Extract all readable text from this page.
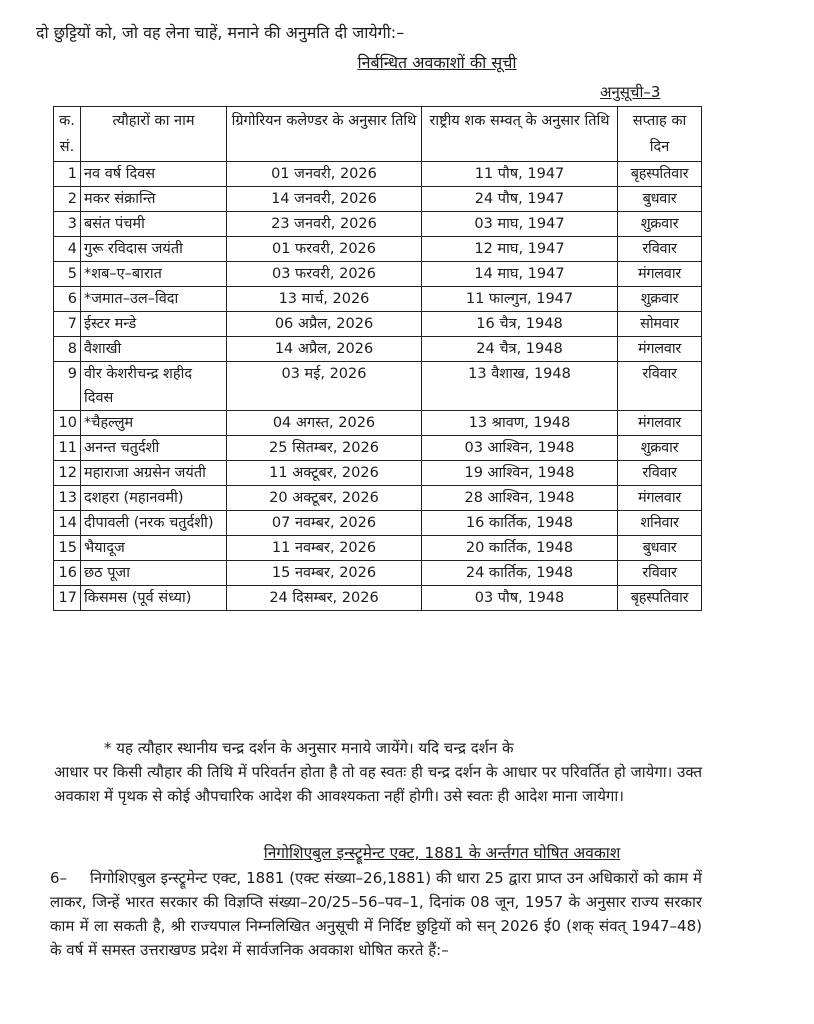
दो छुट्टियों को, जो वह लेना चाहें, मनाने की अनुमति दी जायेगी:–
निर्बन्धित अवकाशों की सूची
अनुसूची–3
क. सं.	त्यौहारों का नाम	ग्रिगोरियन कलेण्डर के अनुसार तिथि	राष्ट्रीय शक सम्वत् के अनुसार तिथि	सप्ताह का दिन
1	नव वर्ष दिवस	01 जनवरी, 2026	11 पौष, 1947	बृहस्पतिवार
2	मकर संक्रान्ति	14 जनवरी, 2026	24 पौष, 1947	बुधवार
3	बसंत पंचमी	23 जनवरी, 2026	03 माघ, 1947	शुक्रवार
4	गुरू रविदास जयंती	01 फरवरी, 2026	12 माघ, 1947	रविवार
5	*शब–ए–बारात	03 फरवरी, 2026	14 माघ, 1947	मंगलवार
6	*जमात–उल–विदा	13 मार्च, 2026	11 फाल्गुन, 1947	शुक्रवार
7	ईस्टर मन्डे	06 अप्रैल, 2026	16 चैत्र, 1948	सोमवार
8	वैशाखी	14 अप्रैल, 2026	24 चैत्र, 1948	मंगलवार
9	वीर केशरीचन्द्र शहीद दिवस	03 मई, 2026	13 वैशाख, 1948	रविवार
10	*चैहल्लुम	04 अगस्त, 2026	13 श्रावण, 1948	मंगलवार
11	अनन्त चतुर्दशी	25 सितम्बर, 2026	03 आश्विन, 1948	शुक्रवार
12	महाराजा अग्रसेन जयंती	11 अक्टूबर, 2026	19 आश्विन, 1948	रविवार
13	दशहरा (महानवमी)	20 अक्टूबर, 2026	28 आश्विन, 1948	मंगलवार
14	दीपावली (नरक चतुर्दशी)	07 नवम्बर, 2026	16 कार्तिक, 1948	शनिवार
15	भैयादूज	11 नवम्बर, 2026	20 कार्तिक, 1948	बुधवार
16	छठ पूजा	15 नवम्बर, 2026	24 कार्तिक, 1948	रविवार
17	किसमस (पूर्व संध्या)	24 दिसम्बर, 2026	03 पौष, 1948	बृहस्पतिवार
* यह त्यौहार स्थानीय चन्द्र दर्शन के अनुसार मनाये जायेंगे। यदि चन्द्र दर्शन के
आधार पर किसी त्यौहार की तिथि में परिवर्तन होता है तो वह स्वतः ही चन्द्र दर्शन के आधार पर परिवर्तित हो जायेगा। उक्त अवकाश में पृथक से कोई औपचारिक आदेश की आवश्यकता नहीं होगी। उसे स्वतः ही आदेश माना जायेगा।
निगोशिएबुल इन्स्ट्रूमेन्ट एक्ट, 1881 के अर्न्तगत घोषित अवकाश
6– निगोशिएबुल इन्स्ट्रूमेन्ट एक्ट, 1881 (एक्ट संख्या–26,1881) की धारा 25 द्वारा प्राप्त उन अधिकारों को काम में लाकर, जिन्हें भारत सरकार की विज्ञप्ति संख्या–20/25–56–पव–1, दिनांक 08 जून, 1957 के अनुसार राज्य सरकार काम में ला सकती है, श्री राज्यपाल निम्नलिखित अनुसूची में निर्दिष्ट छुट्टियों को सन् 2026 ई0 (शक् संवत् 1947–48) के वर्ष में समस्त उत्तराखण्ड प्रदेश में सार्वजनिक अवकाश धोषित करते हैं:–
